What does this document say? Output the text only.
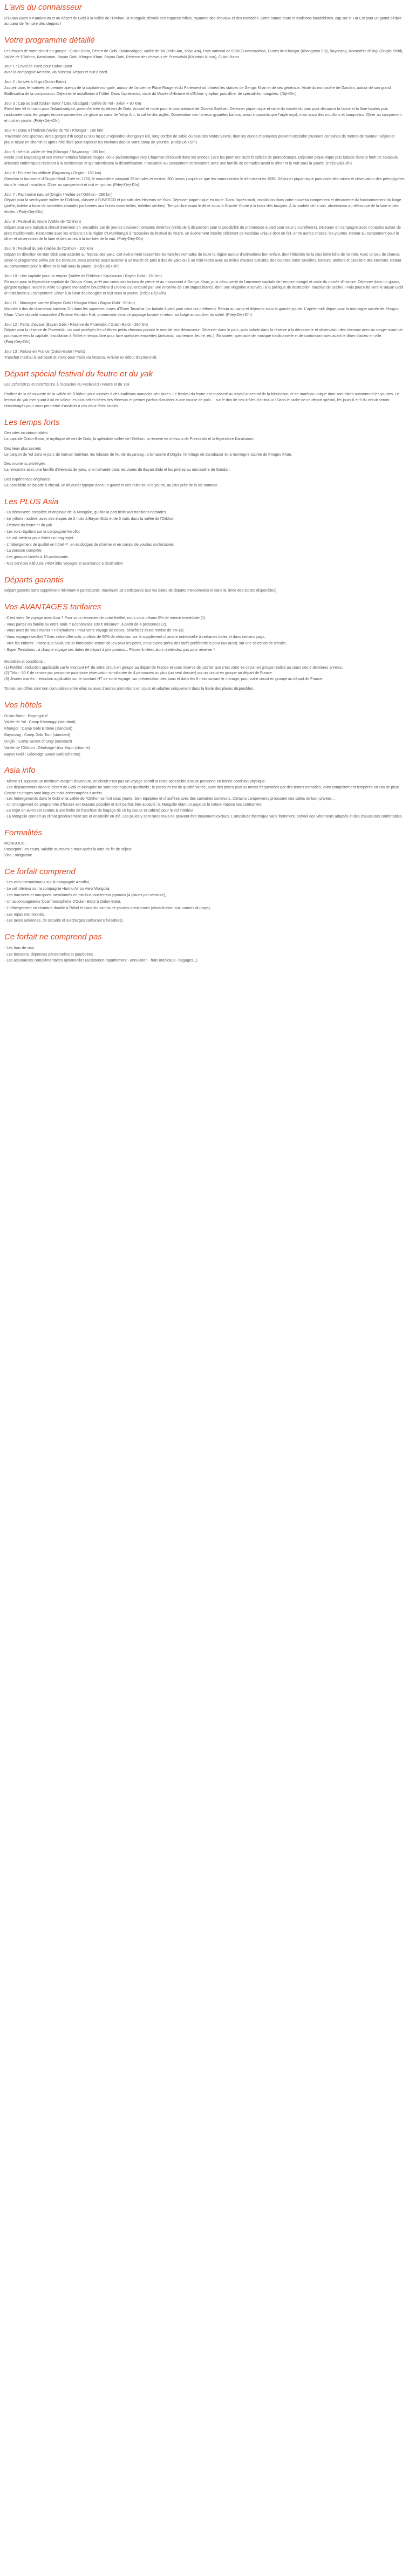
L'avis du connaisseur

D'Oulan-Bator à Karakorum et au désert de Gobi à la vallée de l'Orkhon, la Mongolie dévoile ses espaces infinis, royaume des chevaux et des nomades. Entre nature brute et traditions bouddhistes, cap sur le Far Est pour un grand périple au cœur de l'empire des steppes !

Votre programme détaillé

Les étapes de votre circuit en groupe : Oulan-Bator, Désert de Gobi, Dalanzadgad, Vallée de Yol (Yolin Am, Yolyn Am), Parc national de Gobi Gurvansaikhan, Dunes de Khongor (Khongoryn Els), Bayanzag, Monastère d'Ongi (Ongiin Khiid), Vallée de l'Orkhon, Karakorum, Bayan Gobi, Khogno Khan, Bayan Gobi, Réserve des chevaux de Przewalski (Khustain Nuruu), Oulan-Bator.

Jour 1 : Envol de Paris pour Oulan-Bator
avec la compagnie Aeroflot, via Moscou. Repas et nuit à bord.

Jour 2 : Arrivée à Urga (Oulan-Bator)
Accueil dans le matinée, et premier aperçu de la capitale mongole, autour de l'ancienne Place Rouge et du Parlement où trônent les statues de Gengis Khan et de ses généraux. Visite du monastère de Gandan, autour de son grand Bodhisattva de la compassion. Déjeuner et installation à l'hôtel. Dans l'après-midi, visite du Musée d'Histoire et d'Ethno- graphie, puis dîner de spécialités mongoles. (Dîjt+Dîn)

Jour 3 : Cap au Sud (Oulan-Bator / Dalandzadgad / Vallée de Yol - avion + 90 km)
Envol très tôt le matin pour Dalandzadgad, porte d'entrée du désert de Gobi. Accueil et route pour le parc national de Gurvan Saikhan. Déjeuner pique-nique et visite du musée du parc pour découvrir la faune et la flore locales puis randonnée dans les gorges encore parsemées de glace au cœur de Yolyn Am, la vallée des aigles. Observation des fameux gypaètes barbus, aussi imposants que l'aigle royal, mais aussi des mouflons et bouquetins. Dîner au campement et nuit en yourte. (Pdéj+Déj+Dîn)

Jour 4 : Dune à l'horizon (Vallée de Yol / Khongor - 180 km)
Traversée des spectaculaires gorges d'Ih Bogd (2 900 m) pour rejoindre Khongoryn Els, long cordon de sable où plus des Monts Sevrei, dont les dunes chantantes peuvent atteindre plusieurs centaines de mètres de hauteur. Déjeuner pique-nique en chemin et après-midi libre pour explorer les environs depuis votre camp de yourtes. (Pdéj+Déj+Dîn)

Jour 5 : Vers la vallée de feu (Khongor / Bayanzag - 180 km)
Route pour Bayanzag et ses monumentales falaises rouges, où le paléontologue Roy Chapman découvrit dans les années 1920 les premiers œufs fossilisés de protocératops. Déjeuner pique-nique puis balade dans la forêt de saxaouls, arbustes endémiques résistant à la sécheresse et qui ralentissent la désertification. Installation au campement et rencontre avec une famille de nomades avant le dîner et la nuit sous la yourte. (Pdéj+Déj+Dîn)

Jour 6 : En terre bouddhiste (Bayanzag / Ongiin - 150 km)
Direction la lamaserie d'Ongiin Khiid. Créé en 1760, le monastère comptait 25 temples et environ 300 lamas jusqu'à ce que les communistes le détruisent en 1938. Déjeuner pique-nique puis visite des ruines et observation des pétroglyphes dans le massif rocailleux. Dîner au campement et nuit en yourte. (Pdéj+Déj+Dîn)

Jour 7 : Patrimoine naturel (Ongiin / Vallée de l'Orkhon - 290 km)
Départ pour la verdoyante vallée de l'Orkhon, classée à l'UNESCO et paradis des éleveurs de Yaks. Déjeuner pique-nique en route. Dans l'après-midi, installation dans votre nouveau campement et découverte du fonctionnement du lodge (poêle, toilette à base de serviettes chaudes parfumées aux huiles essentielles, toilettes sèches). Temps libre avant le dîner sous la Grande Yourte à la lueur des bougies. À la tombée de la nuit, observation au télescope de la lune et des étoiles. (Pdéj+Déj+Dîn)

Jour 8 : Festival du feutre (Vallée de l'Orkhon)
Départ pour une balade à cheval d'environ 2h, encadrée par de jeunes cavaliers nomades émérites (véhicule à disposition pour la possibilité de promenade à pied pour ceux qui préfèrent). Déjeuner en campagne avec nomades autour de plats traditionnels. Rencontre avec les artisans de la région d'Uvurkhangai à l'occasion du festival du feutre, un évènement insolite célébrant ce matériau unique dont on fait, entre autres choses, les yourtes. Retour au campement pour le dîner et observation de la lune et des astres à la tombée de la nuit. (Pdéj+Déj+Dîn)

Jour 9 : Festival du yak (Vallée de l'Orkhon - 100 km)
Départ en direction de Batt Ölzii pour assister au festival des yaks. Cet événement rassemble les familles nomades de toute la région autour d'animations bon enfant, dont l'élection de la plus belle bête de l'année. Avec un peu de chance, selon le programme prévu par les éleveurs, vous pourrez aussi assister à un match de polo à dos de yaks ou à un mini-rodéo avec au milieu d'autres activités, des courses entre cavaliers, lutteurs, archers et cavaliers des environs. Retour au campement pour le dîner et la nuit sous la yourte. (Pdéj+Déj+Dîn)

Jour 10 : Une capitale pour un empire (Vallée de l'Orkhon / Karakorum / Bayan Gobi - 180 km)
En route pour la légendaire capitale de Gengis Khan, arrêt aux curieuses tortues de pierre et au monument à Gengis Khan, puis découverte de l'ancienne capitale de l'empire mongol et visite du musée d'histoire. Déjeuner dans un guanz, gargote typique, avant la visite du grand monastère bouddhiste d'Erdene Zuu entouré par une enceinte de 108 stupas blancs, dont une vingtaine a survécu à la politique de destruction massive de Staline ! Puis poursuite vers le Bayan Gobi et installation au campement. Dîner à la lueur des bougies et nuit sous la yourte. (Pdéj+Déj+Dîn)

Jour 11 : Montagne sacrée (Bayan Gobi / Khogno Khan / Bayan Gobi - 60 km)
Matinée à dos de chameaux bactrien 2h) dans les superbes dunes d'Elsen Tasarhai (ou balade à pied pour ceux qui préfèrent). Retour au camp et déjeuner sous la grande yourte. L'après-midi départ pour la montagne sacrée de Khogno Khan. Visite du petit monastère d'Erdene Hambiin Hiid, promenade dans ce paysage lunaire et retour au lodge au coucher du soleil. (Pdéj+Déj+Dîn)

Jour 12 : Petits chevaux (Bayan Gobi / Réserve de Przevalski / Oulan-Bator - 280 km)
Départ pour la réserve de Przevalski, où sont protégés les célèbres petits chevaux portant le nom de leur découvreur. Déjeuner dans le parc, puis balade dans la réserve à la découverte et observation des chevaux avec un ranger avant de poursuivre vers la capitale. Installation à l'hôtel et temps libre pour faire quelques emplettes (artisanat, cachemire, feutre, etc.). En soirée, spectacle de musique traditionnelle et de contorsionnistes avant le dîner d'adieu en ville. (Pdéj+Déj+Dîn)

Jour 13 : Retour en France (Oulan-Bator / Paris)
Transfert matinal à l'aéroport et envol pour Paris via Moscou. Arrivée en début d'après-midi.

Départ spécial festival du feutre et du yak

Les 22/07/2019 et 23/07/2019, à l'occasion du Festival du Feutre et du Yak

Profitez de la découverte de la vallée de l'Orkhon pour assister à des traditions nomades séculaires. Le festival du feutre est consacré au travail ancestral de la fabrication de ce matériau unique dont sont faites notamment les yourtes. Le festival du yak met quant à lui en valeur les plus belles bêtes des éleveurs et permet parfois d'assister à une course de polo… sur le dos de ces drôles d'animaux ! Dans le cadre de ce départ spécial, les jours 8 et 9 du circuit seront réaménagés pour vous permettre d'assister à ces deux fêtes locales.

Les temps forts

Des sites incontournables
La capitale Oulan-Bator, le mythique désert de Gobi, la splendide vallée de l'Orkhon, la réserve de chevaux de Przevalski et la légendaire Karakorum.

Des lieux plus secrets
Le canyon de Yol dans le parc de Gurvan Saikhan, les falaises de feu de Bayanzag, la lamaserie d'Ongiin, l'ermitage de Zanabazar et la montagne sacrée de Khogno Khan.

Des moments privilégiés
La rencontre avec une famille d'éleveurs de yaks, une méharée dans les dunes du Bayan Gobi et les prières au monastère de Gandan.

Des expériences originales
La possibilité de balade à cheval, un déjeuner typique dans un guanz et des nuits sous la yourte, au plus près de la vie nomade.

Les PLUS Asia
- La découverte complète et originale de la Mongolie, qui fait la part belle aux traditions nomades
- Le rythme modéré, avec des étapes de 2 nuits à Bayan Gobi et de 3 nuits dans la vallée de l'Orkhon
- Festival du feutre et du yak
- Les vols réguliers sur la compagnie Aeroflot
- Le vol intérieur pour éviter un long trajet
- L'hébergement de qualité en hôtel 4*, en écolodges de charme et en camps de yourtes confortables
- La pension complète
- Les groupes limités à 18 participants
- Nos services Allô Asia 24/24 inbo voyages et assistance à destination
Départs garantis

Départ garantis sans supplément minimum 6 participants, maximum 18 participants (sur les dates de départs mentionnées et dans la limite des stocks disponibles).

Vos AVANTAGES tarifaires
- C'est votre 3e voyage avec Asia ? Pour vous remercier de votre fidélité, nous vous offrons 5% de remise immédiate (1).
- Vous partez en famille ou entre amis ? Économisez 100 € minimum, à partir de 4 personnes (2).
- Vous avez de vous marier ? Félicitations ! Pour votre voyage de noces, bénéficiez d'une remise de 5% (3).
- Vous voyagez seul(e) ? Avec notre offre solo, profitez de 50% de réduction sur le supplément chambre individuelle à certaines dates et dans certains pays.
- Vive les enfants : Parce que l'Asia est un formidable terrain de jeu pour les petits, nous avons prévu des tarifs préférentiels pour eux aussi, sur une sélection de circuits.
- Super Tentations : à chaque voyage ses dates de départ à prix promos... Places limitées alors n'attendez pas pour réserver !

Modalités et conditions :
(1) Fidélité : réduction applicable sur le montant HT de votre circuit en groupe au départ de France et sous réserve de justifier que c'est votre 3e circuit en groupe réalisé au cours des 6 dernières années.
(2) Tribu : 50 € de remise par personne pour toute réservation simultanée de 4 personnes ou plus (un seul dossier) sur un circuit en groupe au départ de France.
(3) Jeunes mariés : réduction applicable sur le montant HT de votre voyage, sur présentation des bans et dans les 6 mois suivant le mariage, pour votre circuit en groupe au départ de France.

Toutes ces offres sont non cumulables entre elles ou avec d'autres promotions en cours et valables uniquement dans la limite des places disponibles.

Vos hôtels
Oulan-Bator : Bayangol 4*
Vallée de Yol : Camp Khatanggi (standard)
Khongor : Camp Gobi Erdene (standard)
Bayanzag : Camp Gobi Tour (standard)
Ongiin : Camp Secret of Ongi (standard)
Vallée de l'Orkhon : Géolodge Ursa Major (charme)
Bayan Gobi : Géolodge Sweet Gobi (charme)
Asia info

- Même s'il suppose un minimum d'esprit d'aventure, ce circuit n'est pas un voyage sportif et reste accessible à toute personne en bonne condition physique.
- Les déplacements dans le désert de Gobi et Mongolie ne sont pas toujours qualitatifs ; le parcours est de qualité variée, avec des pistes plus ou moins fréquentées par des tentes nomades, voire complètement tempérés en cas de pluie. Certaines étapes sont longues mais entrecoupées d'arrêts.
- Les hébergements dans le Gobi et la vallée de l'Orkhon se font sous yourte, bien équipées et chauffées avec des sanitaires communs. Certains campements proposent des salles de bain privées...
- Un changement de programme d'horaire est toujours possible et doit parfois être accepté, la Mongolie étant un pays où la nature impose ses contraintes.
- Le trajet en avion est soumis à une limite de franchise de bagage de 15 kg (soute et cabine) pour le vol intérieur.
- La Mongolie connaît un climat généralement sec et ensoleillé en été. Les pluies y sont rares mais ne peuvent être totalement exclues. L'amplitude thermique varie fortement, prévoir des vêtements adaptés et des chaussures confortables.

Formalités

MONGOLIE :
Passeport : en cours, valable au moins 6 mois après la date de fin de séjour.
Visa : obligatoire.

Ce forfait comprend
- Les vols internationaux sur la compagnie Aeroflot,
- Le vol intérieur sur la compagnie Hunnu Air ou Aero Mongolia,
- Les transferts et transports mentionnés en minibus tout-terrain japonais (4 places par véhicule),
- Un accompagnateur local francophone d'Oulan-Bator à Oulan-Bator,
- L'hébergement en chambre double à l'hôtel et dans les camps de yourtes mentionnés (classification aux normes du pays),
- Les repas mentionnés,
- Les taxes aériennes, de sécurité et surcharges carburant (révisables).
Ce forfait ne comprend pas
- Les frais de visa
- Les boissons, dépenses personnelles et pourboires,
- Les assurances complémentaires optionnelles (assistance-rapatriement - annulation - frais médicaux - bagages...)
